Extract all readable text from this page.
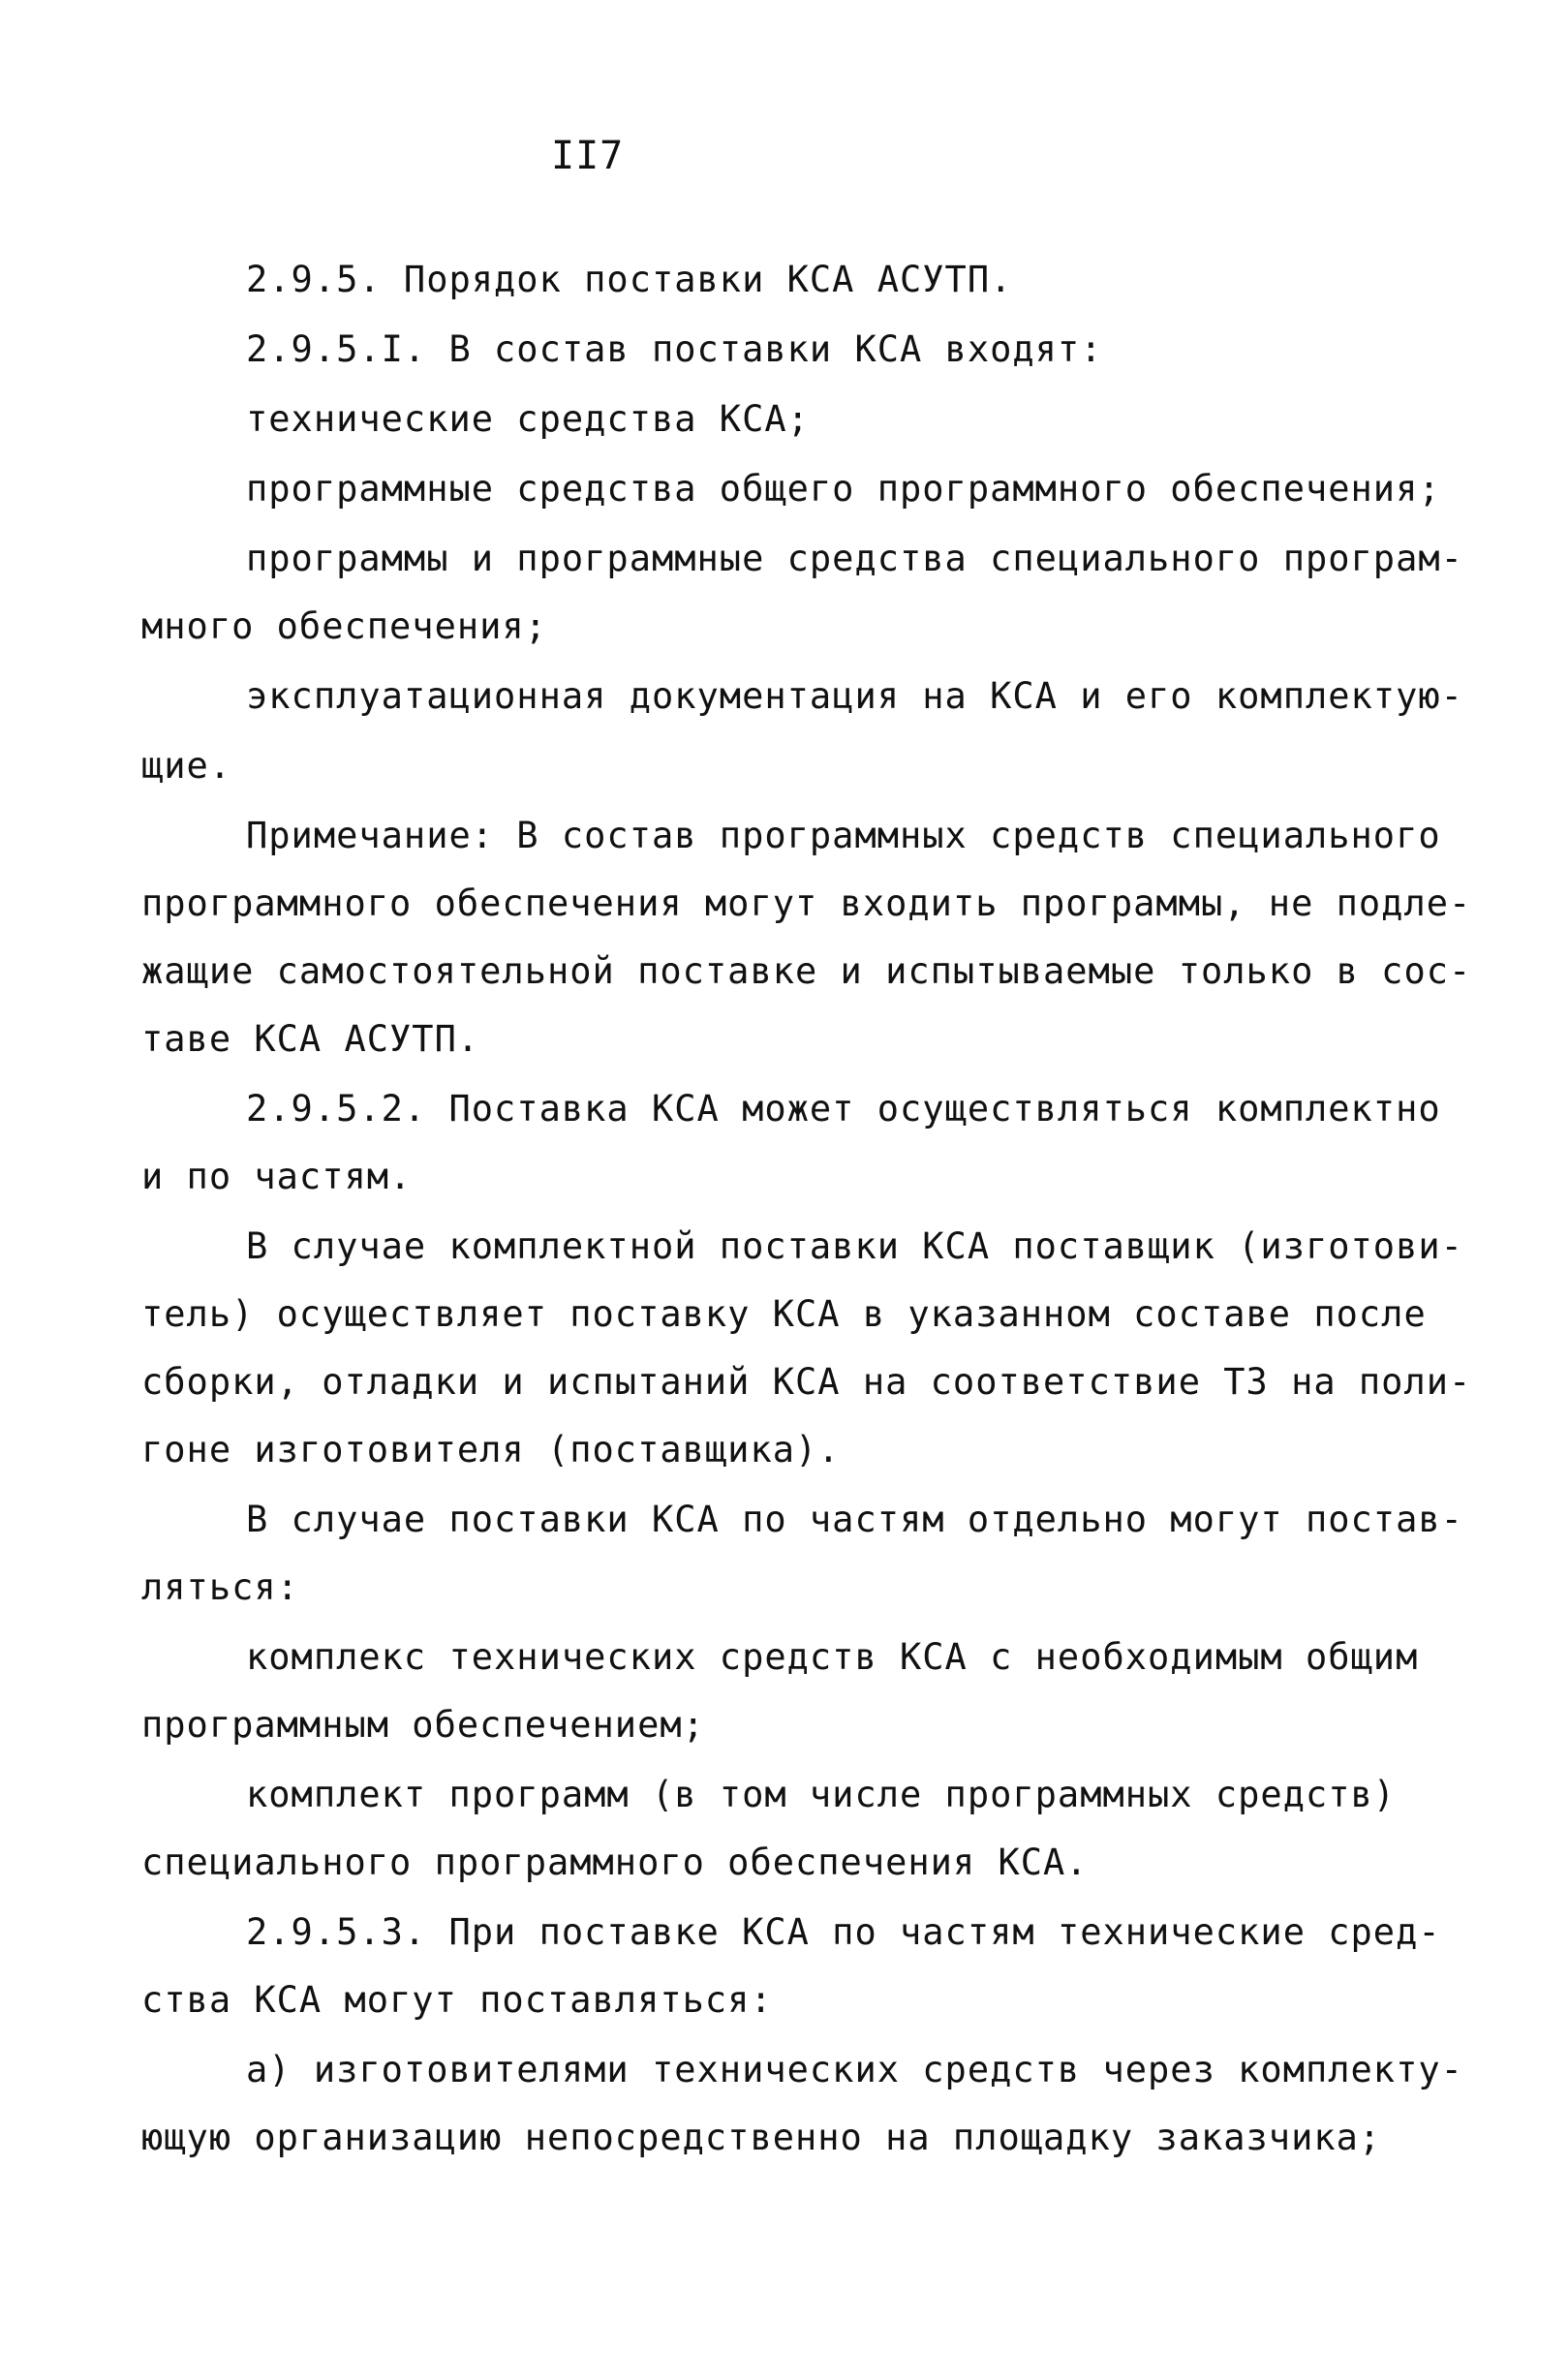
II7
2.9.5. Порядок поставки КСА АСУТП.
2.9.5.I. В состав поставки КСА входят:
технические средства КСА;
программные средства общего программного обеспечения;
программы и программные средства специального програм-
много обеспечения;
эксплуатационная документация на КСА и его комплектую-
щие.
Примечание: В состав программных средств специального
программного обеспечения могут входить программы, не подле-
жащие самостоятельной поставке и испытываемые только в сос-
таве КСА АСУТП.
2.9.5.2. Поставка КСА может осуществляться комплектно
и по частям.
В случае комплектной поставки КСА поставщик (изготови-
тель) осуществляет поставку КСА в указанном составе после
сборки, отладки и испытаний КСА на соответствие ТЗ на поли-
гоне изготовителя (поставщика).
В случае поставки КСА по частям отдельно могут постав-
ляться:
комплекс технических средств КСА с необходимым общим
программным обеспечением;
комплект программ (в том числе программных средств)
специального программного обеспечения КСА.
2.9.5.3. При поставке КСА по частям технические сред-
ства КСА могут поставляться:
а) изготовителями технических средств через комплекту-
ющую организацию непосредственно на площадку заказчика;
